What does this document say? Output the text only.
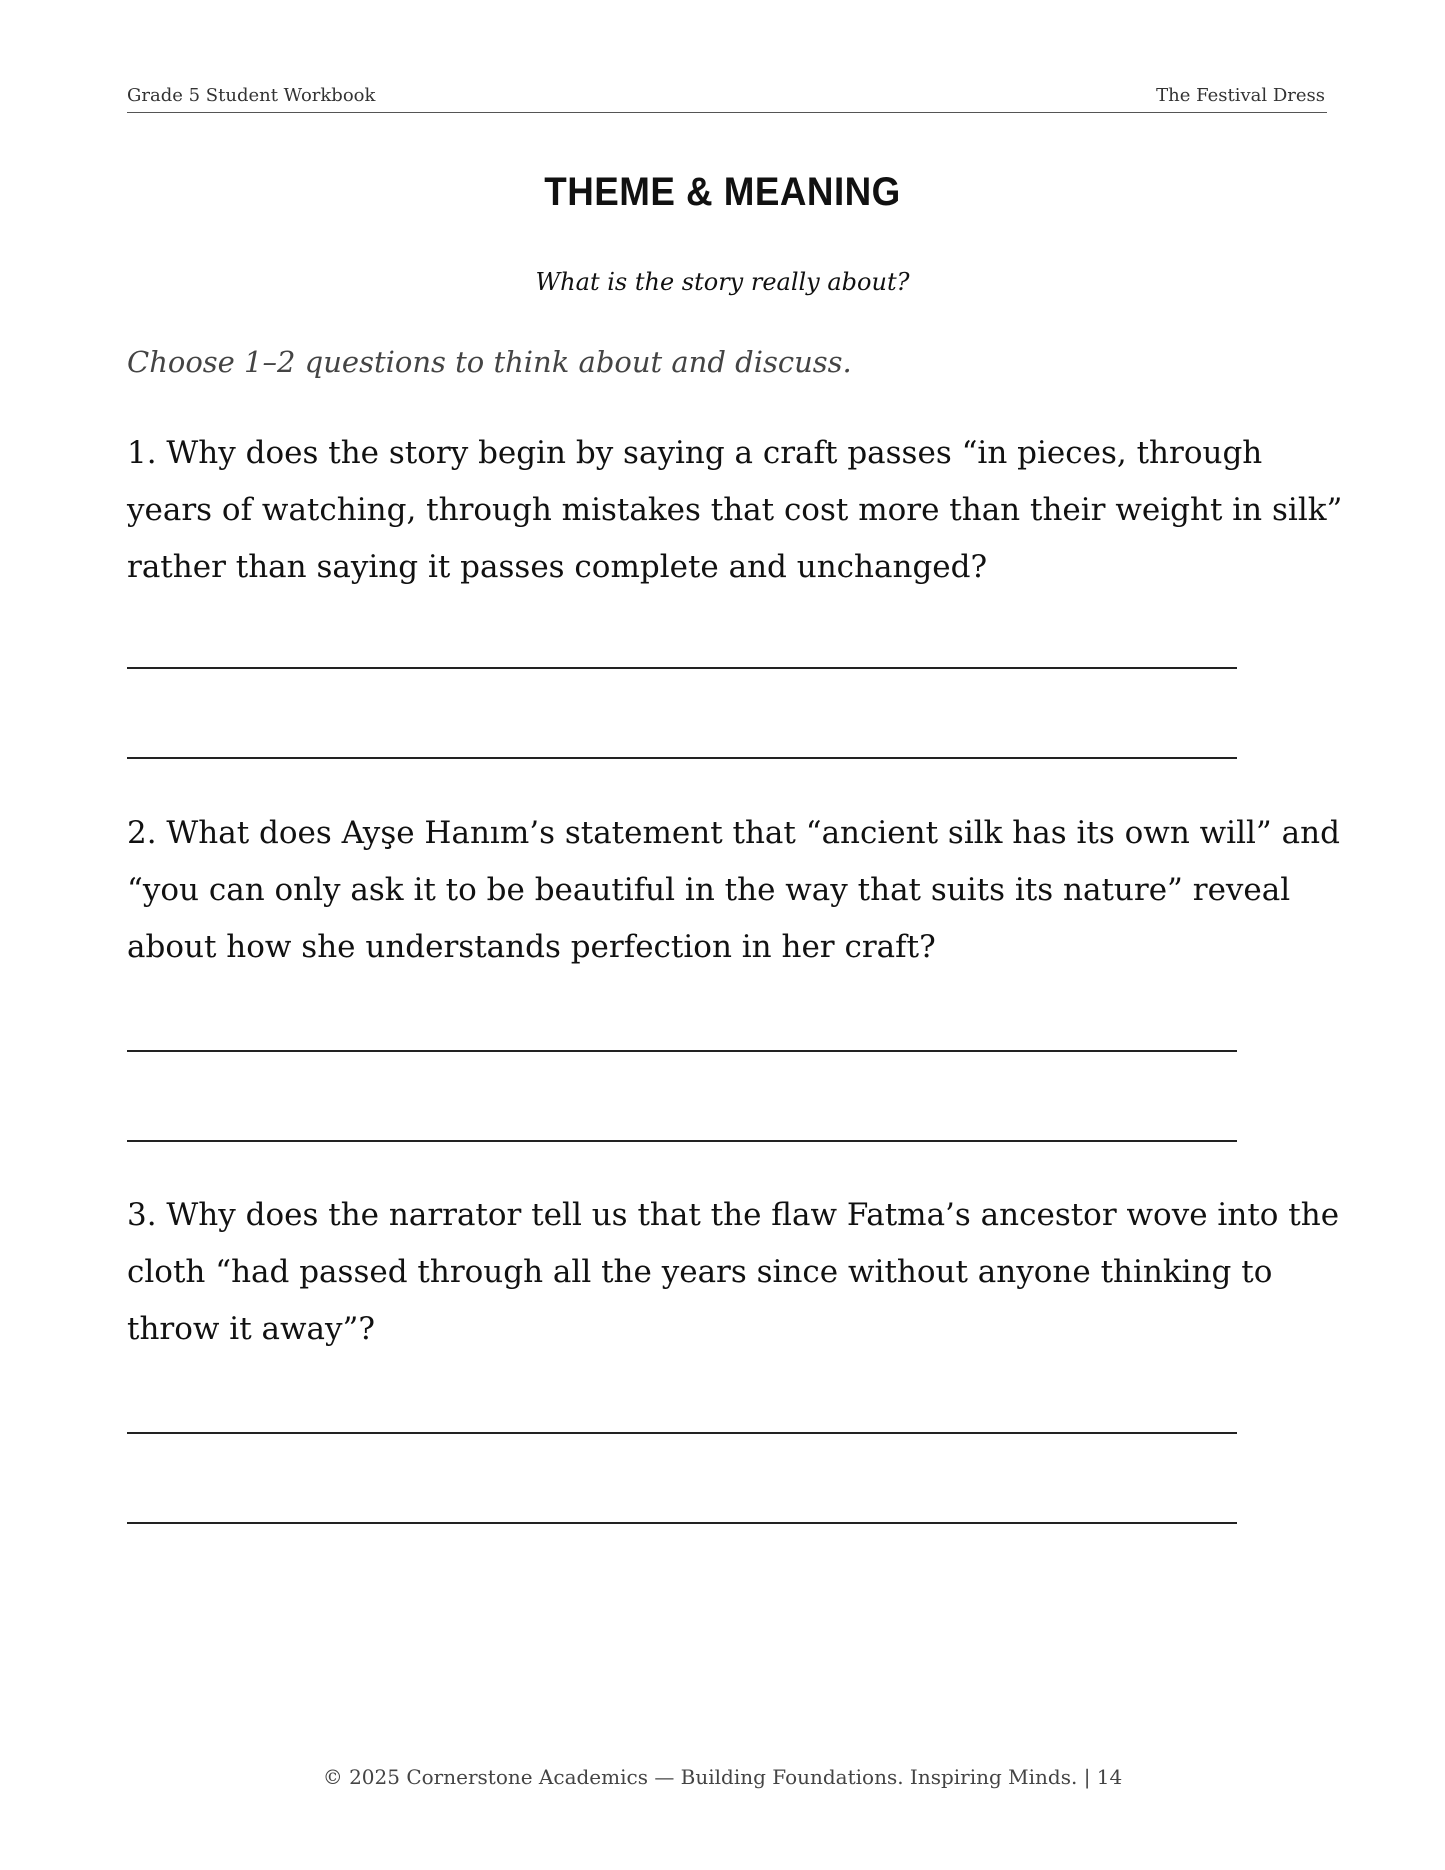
Grade 5 Student Workbook	The Festival Dress
THEME & MEANING
What is the story really about?
Choose 1–2 questions to think about and discuss.
1. Why does the story begin by saying a craft passes “in pieces, through years of watching, through mistakes that cost more than their weight in silk” rather than saying it passes complete and unchanged?
2. What does Ayşe Hanım’s statement that “ancient silk has its own will” and “you can only ask it to be beautiful in the way that suits its nature” reveal about how she understands perfection in her craft?
3. Why does the narrator tell us that the flaw Fatma’s ancestor wove into the cloth “had passed through all the years since without anyone thinking to throw it away”?
© 2025 Cornerstone Academics — Building Foundations. Inspiring Minds. | 14
